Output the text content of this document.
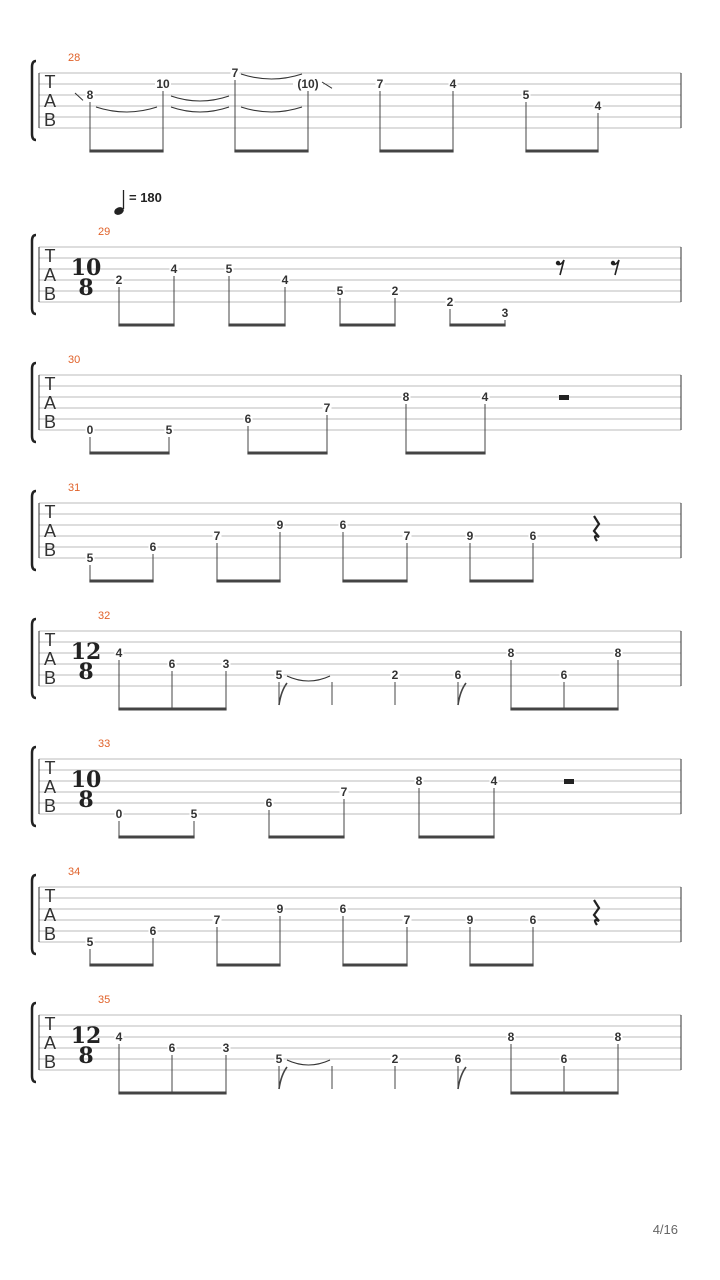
= 180
T
A
B
28
8
10
7
(10)	7	4
5
4
T
A
B
29
10
8 2
4	5
4
5	2
2
3
T
A
B
30
0	5
6
7
8	4
T
A
B
31
5
6
7
9	6
7	9	6
T
A
B
32
12
8
4
6	3
5	2	6
8
6
8
T
A
B
33
10
8
0	5
6
7
8	4
T
A
B
34
5
6
7
9	6
7	9	6
T
A
B
35
12
8
4
6	3
5	2	6
8
6
8
4/16
